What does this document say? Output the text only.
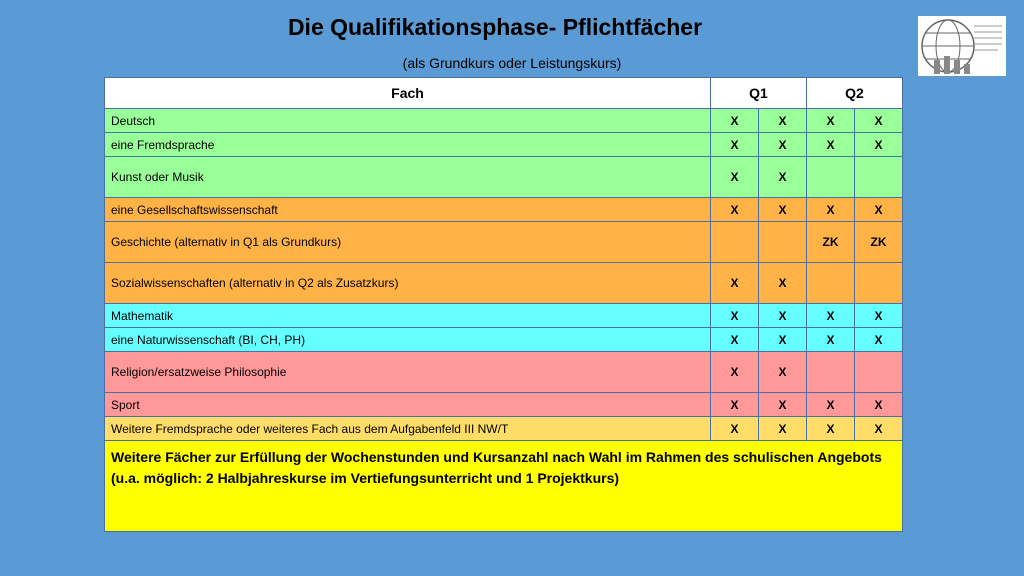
Die Qualifikationsphase- Pflichtfächer
(als Grundkurs oder Leistungskurs)
Fach	Q1		Q2	
Deutsch	X	X	X	X
eine Fremdsprache	X	X	X	X
Kunst oder Musik	X	X		
eine Gesellschaftswissenschaft	X	X	X	X
Geschichte (alternativ in Q1 als Grundkurs)			ZK	ZK
Sozialwissenschaften (alternativ in Q2 als Zusatzkurs)	X	X		
Mathematik	X	X	X	X
eine Naturwissenschaft (BI, CH, PH)	X	X	X	X
Religion/ersatzweise Philosophie	X	X		
Sport	X	X	X	X
Weitere Fremdsprache oder weiteres Fach aus dem Aufgabenfeld III NW/T	X	X	X	X

Weitere Fächer zur Erfüllung der Wochenstunden und Kursanzahl nach Wahl im Rahmen des schulischen Angebots

(u.a. möglich: 2 Halbjahreskurse im Vertiefungsunterricht und 1 Projektkurs)				
